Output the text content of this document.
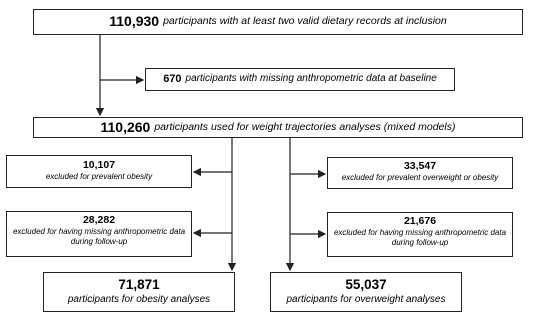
110,930 participants with at least two valid dietary records at inclusion
670 participants with missing anthropometric data at baseline
110,260 participants used for weight trajectories analyses (mixed models)
10,107
excluded for prevalent obesity
33,547
excluded for prevalent overweight or obesity
28,282
excluded for having missing anthropometric data during follow-up
21,676
excluded for having missing anthropometric data during follow-up
71,871
participants for obesity analyses
55,037
participants for overweight analyses
